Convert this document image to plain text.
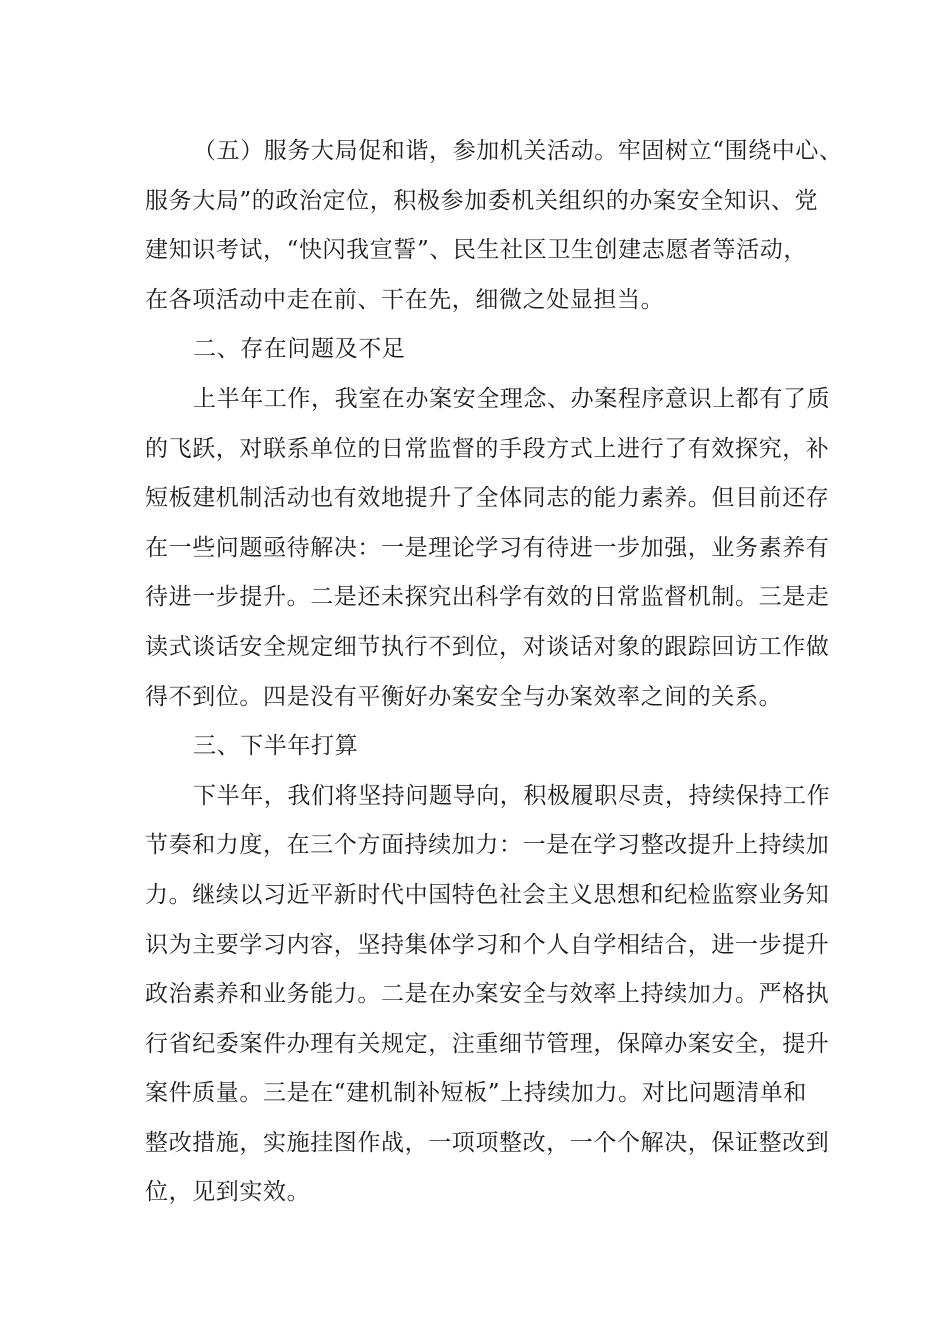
（五）服务大局促和谐，参加机关活动。牢固树立“围绕中心、
服务大局”的政治定位，积极参加委机关组织的办案安全知识、党
建知识考试，“快闪我宣誓”、民生社区卫生创建志愿者等活动，
在各项活动中走在前、干在先，细微之处显担当。
二、存在问题及不足
上半年工作，我室在办案安全理念、办案程序意识上都有了质
的飞跃，对联系单位的日常监督的手段方式上进行了有效探究，补
短板建机制活动也有效地提升了全体同志的能力素养。但目前还存
在一些问题亟待解决：一是理论学习有待进一步加强，业务素养有
待进一步提升。二是还未探究出科学有效的日常监督机制。三是走
读式谈话安全规定细节执行不到位，对谈话对象的跟踪回访工作做
得不到位。四是没有平衡好办案安全与办案效率之间的关系。
三、下半年打算
下半年，我们将坚持问题导向，积极履职尽责，持续保持工作
节奏和力度，在三个方面持续加力：一是在学习整改提升上持续加
力。继续以习近平新时代中国特色社会主义思想和纪检监察业务知
识为主要学习内容，坚持集体学习和个人自学相结合，进一步提升
政治素养和业务能力。二是在办案安全与效率上持续加力。严格执
行省纪委案件办理有关规定，注重细节管理，保障办案安全，提升
案件质量。三是在“建机制补短板”上持续加力。对比问题清单和
整改措施，实施挂图作战，一项项整改，一个个解决，保证整改到
位，见到实效。
